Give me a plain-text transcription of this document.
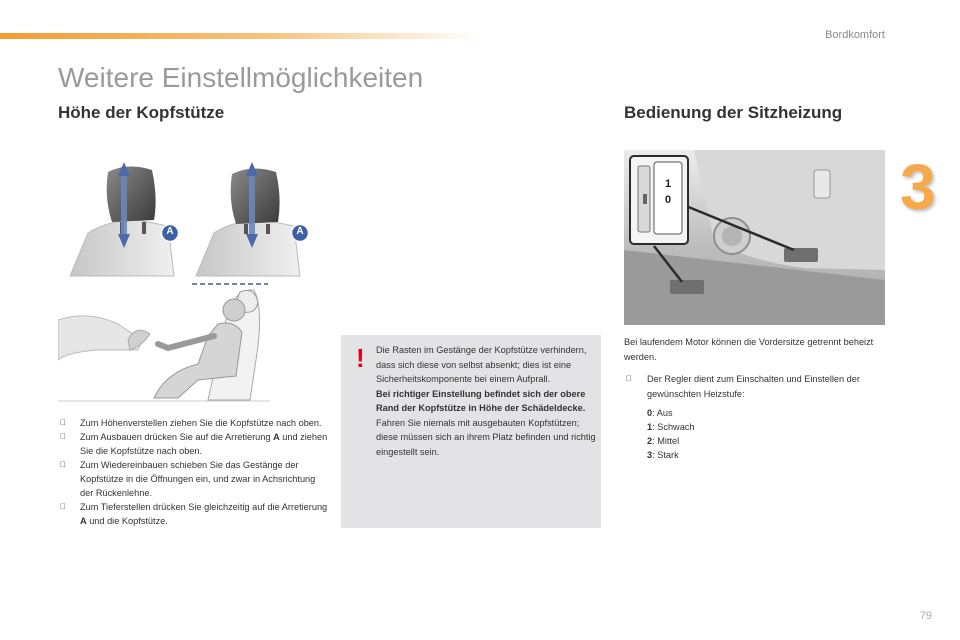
Bordkomfort
3
Weitere Einstellmöglichkeiten
Höhe der Kopfstütze	Bedienung der Sitzheizung
A	A
Zum Höhenverstellen ziehen Sie die Kopfstütze nach oben.
Zum Ausbauen drücken Sie auf die Arretierung A und ziehen Sie die Kopfstütze nach oben.
Zum Wiedereinbauen schieben Sie das Gestänge der Kopfstütze in die Öffnungen ein, und zwar in Achsrichtung der Rückenlehne.
Zum Tieferstellen drücken Sie gleichzeitig auf die Arretierung A und die Kopfstütze.
! Die Rasten im Gestänge der Kopfstütze verhindern, dass sich diese von selbst absenkt; dies ist eine Sicherheitskomponente bei einem Aufprall.
Bei richtiger Einstellung befindet sich der obere Rand der Kopfstütze in Höhe der Schädeldecke.
Fahren Sie niemals mit ausgebauten Kopfstützen; diese müssen sich an ihrem Platz befinden und richtig eingestellt sein.
1
0
Bei laufendem Motor können die Vordersitze getrennt beheizt werden.
Der Regler dient zum Einschalten und Einstellen der gewünschten Heizstufe:
0: Aus
1: Schwach
2: Mittel
3: Stark
79
